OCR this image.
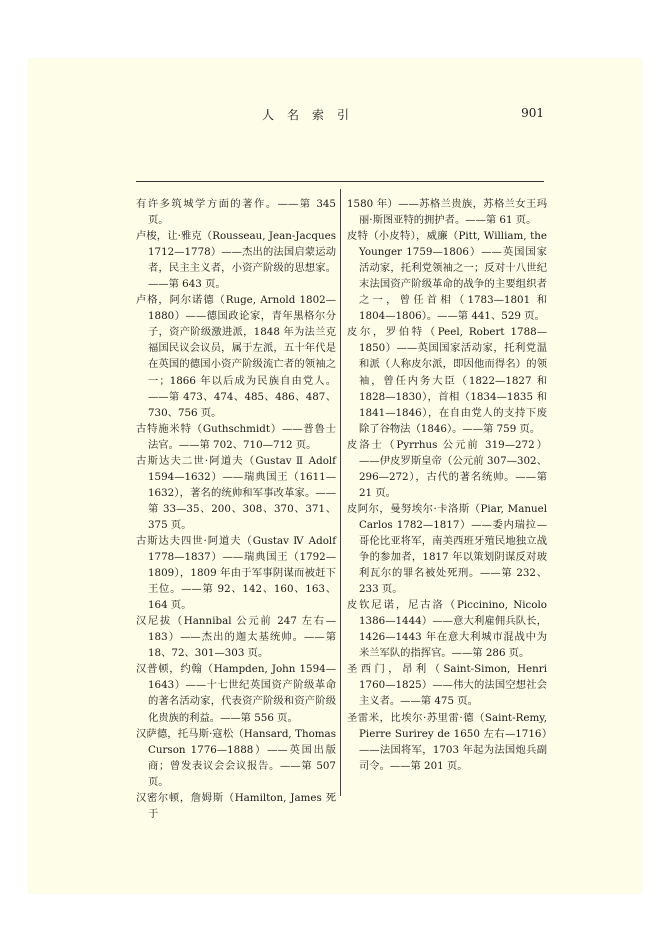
人名索引	901
有许多筑城学方面的著作。——第 345 页。
卢梭，让·雅克（Rousseau, Jean-Jacques 1712—1778）——杰出的法国启蒙运动者，民主主义者，小资产阶级的思想家。——第 643 页。
卢格，阿尔诺德（Ruge, Arnold 1802—1880）——德国政论家，青年黑格尔分子，资产阶级激进派，1848 年为法兰克福国民议会议员，属于左派，五十年代是在英国的德国小资产阶级流亡者的领袖之一；1866 年以后成为民族自由党人。——第 473、474、485、486、487、730、756 页。
古特施米特（Guthschmidt）——普鲁士法官。——第 702、710—712 页。
古斯达夫二世·阿道夫（Gustav Ⅱ Adolf 1594—1632）——瑞典国王（1611—1632），著名的统帅和军事改革家。——第 33—35、200、308、370、371、375 页。
古斯达夫四世·阿道夫（Gustav Ⅳ Adolf 1778—1837）——瑞典国王（1792—1809），1809 年由于军事阴谋而被赶下王位。——第 92、142、160、163、164 页。
汉尼拔（Hannibal 公元前 247 左右—183）——杰出的迦太基统帅。——第 18、72、301—303 页。
汉普顿，约翰（Hampden, John 1594—1643）——十七世纪英国资产阶级革命的著名活动家，代表资产阶级和资产阶级化贵族的利益。——第 556 页。
汉萨德，托马斯·寇松（Hansard, Thomas Curson 1776—1888）——英国出版商；曾发表议会会议报告。——第 507 页。
汉密尔顿，詹姆斯（Hamilton, James 死于
1580 年）——苏格兰贵族，苏格兰女王玛丽·斯图亚特的拥护者。——第 61 页。
皮特（小皮特），威廉（Pitt, William, the Younger 1759—1806）——英国国家活动家，托利党领袖之一；反对十八世纪末法国资产阶级革命的战争的主要组织者之一，曾任首相（1783—1801 和 1804—1806）。——第 441、529 页。
皮尔，罗伯特（Peel, Robert 1788—1850）——英国国家活动家，托利党温和派（人称皮尔派，即因他而得名）的领袖，曾任内务大臣（1822—1827 和 1828—1830），首相（1834—1835 和 1841—1846），在自由党人的支持下废除了谷物法（1846）。——第 759 页。
皮洛士（Pyrrhus 公元前 319—272）——伊皮罗斯皇帝（公元前 307—302、296—272），古代的著名统帅。——第 21 页。
皮阿尔，曼努埃尔·卡洛斯（Piar, Manuel Carlos 1782—1817）——委内瑞拉—哥伦比亚将军，南美西班牙殖民地独立战争的参加者，1817 年以策划阴谋反对玻利瓦尔的罪名被处死刑。——第 232、233 页。
皮钦尼诺，尼古洛（Piccinino, Nicolo 1386—1444）——意大利雇佣兵队长，1426—1443 年在意大利城市混战中为米兰军队的指挥官。——第 286 页。
圣西门，昂利（Saint-Simon, Henri 1760—1825）——伟大的法国空想社会主义者。——第 475 页。
圣雷米，比埃尔·苏里雷·德（Saint-Remy, Pierre Surirey de 1650 左右—1716）——法国将军，1703 年起为法国炮兵副司令。——第 201 页。
